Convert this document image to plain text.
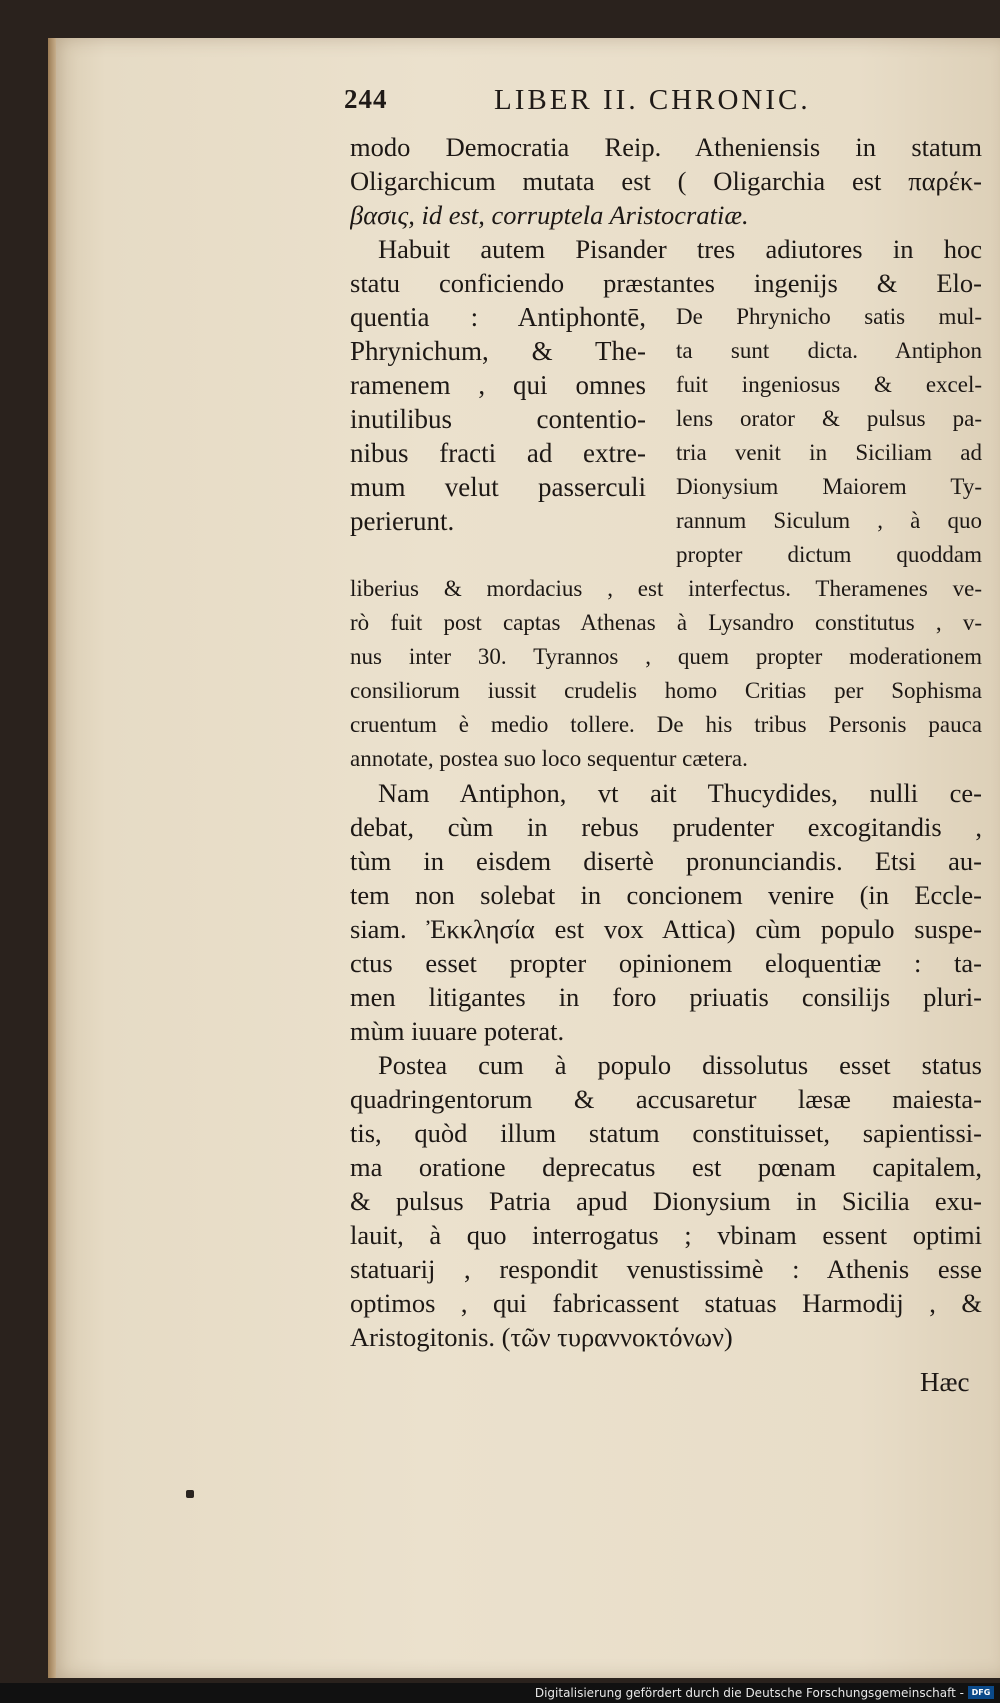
244	LIBER II. CHRONIC.
modo Democratia Reip. Atheniensis in statum
Oligarchicum mutata est ( Oligarchia est παρέκ-
βασις, id est, corruptela Aristocratiæ.
Habuit autem Pisander tres adiutores in hoc
statu conficiendo præstantes ingenijs & Elo-
quentia : Antiphontē,
Phrynichum, & The-
ramenem , qui omnes
inutilibus contentio-
nibus fracti ad extre-
mum velut passerculi
perierunt.
De Phrynicho satis mul-
ta sunt dicta. Antiphon
fuit ingeniosus & excel-
lens orator & pulsus pa-
tria venit in Siciliam ad
Dionysium Maiorem Ty-
rannum Siculum , à quo
propter dictum quoddam
liberius & mordacius , est interfectus. Theramenes ve-
rò fuit post captas Athenas à Lysandro constitutus , v-
nus inter 30. Tyrannos , quem propter moderationem
consiliorum iussit crudelis homo Critias per Sophisma
cruentum è medio tollere. De his tribus Personis pauca
annotate, postea suo loco sequentur cætera.
Nam Antiphon, vt ait Thucydides, nulli ce-
debat, cùm in rebus prudenter excogitandis ,
tùm in eisdem disertè pronunciandis. Etsi au-
tem non solebat in concionem venire (in Eccle-
siam. Ἐκκλησία est vox Attica) cùm populo suspe-
ctus esset propter opinionem eloquentiæ : ta-
men litigantes in foro priuatis consilijs pluri-
mùm iuuare poterat.
Postea cum à populo dissolutus esset status
quadringentorum & accusaretur læsæ maiesta-
tis, quòd illum statum constituisset, sapientissi-
ma oratione deprecatus est pœnam capitalem,
& pulsus Patria apud Dionysium in Sicilia exu-
lauit, à quo interrogatus ; vbinam essent optimi
statuarij , respondit venustissimè : Athenis esse
optimos , qui fabricassent statuas Harmodij , &
Aristogitonis. (τῶν τυραννοκτόνων)
Hæc
Digitalisierung gefördert durch die Deutsche Forschungsgemeinschaft - DFG
